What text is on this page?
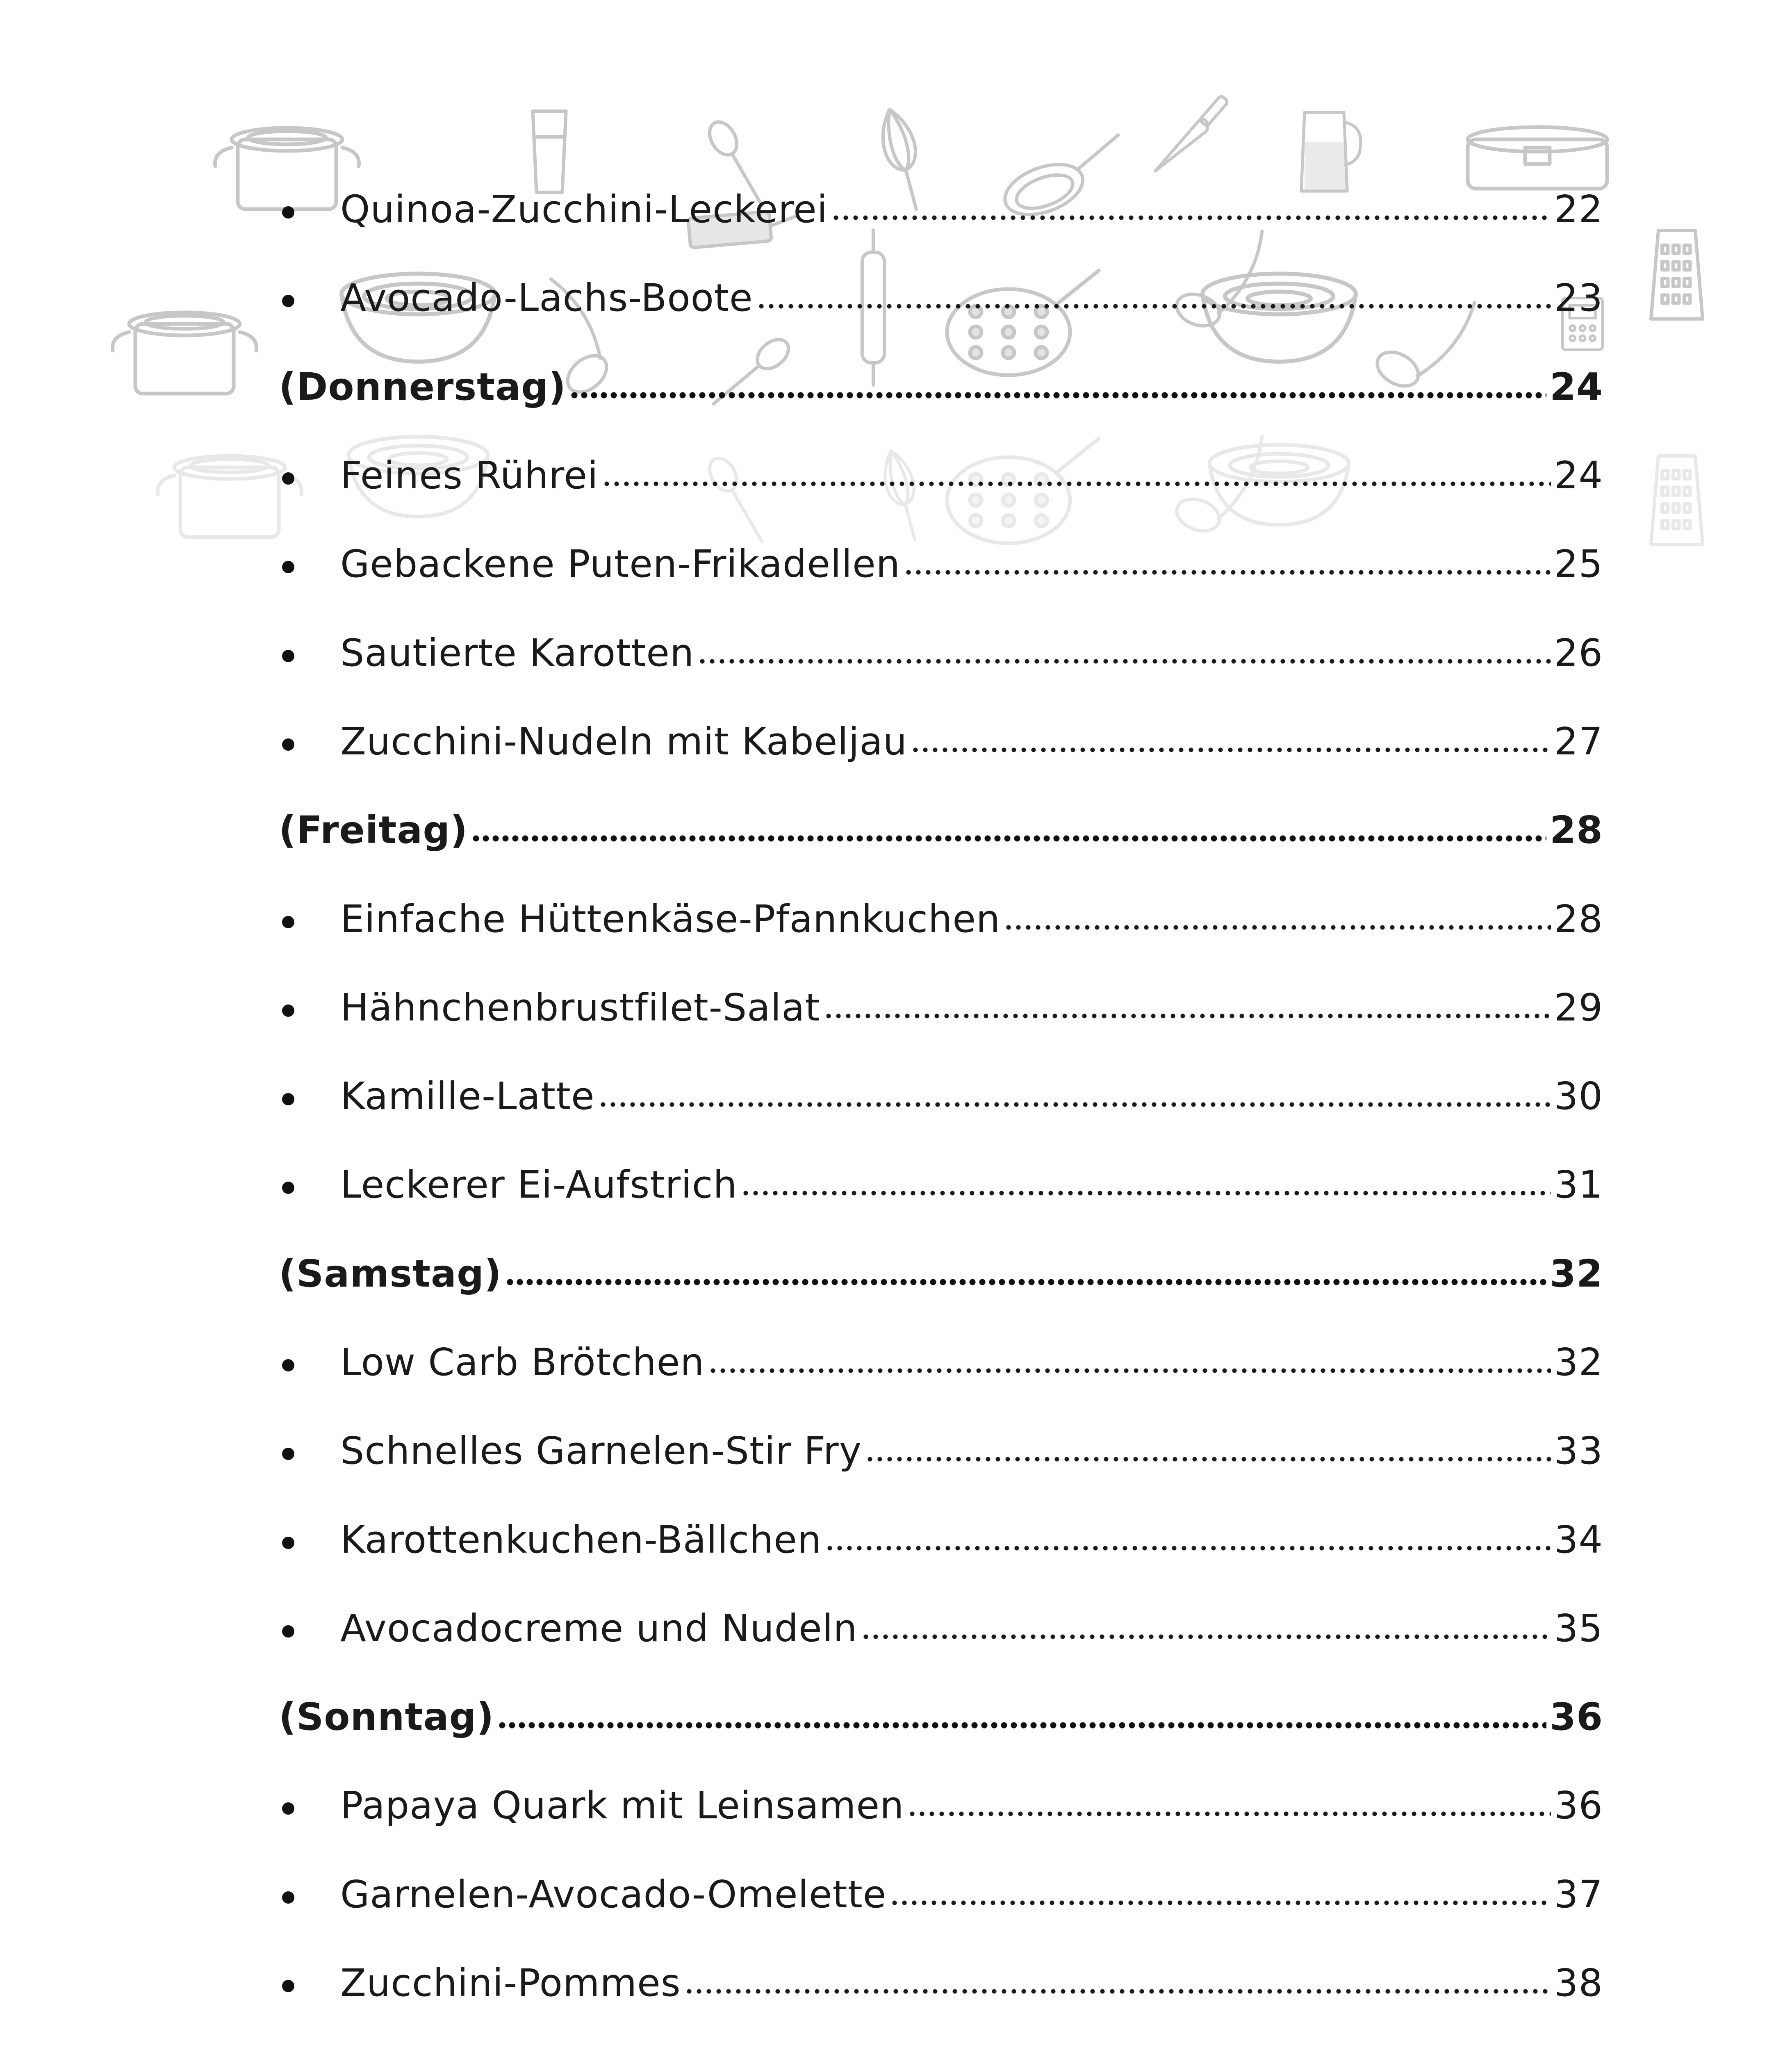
Quinoa-Zucchini-Leckerei	22
Avocado-Lachs-Boote	23
(Donnerstag)	24
Feines Rührei	24
Gebackene Puten-Frikadellen	25
Sautierte Karotten	26
Zucchini-Nudeln mit Kabeljau	27
(Freitag)	28
Einfache Hüttenkäse-Pfannkuchen	28
Hähnchenbrustfilet-Salat	29
Kamille-Latte	30
Leckerer Ei-Aufstrich	31
(Samstag)	32
Low Carb Brötchen	32
Schnelles Garnelen-Stir Fry	33
Karottenkuchen-Bällchen	34
Avocadocreme und Nudeln	35
(Sonntag)	36
Papaya Quark mit Leinsamen	36
Garnelen-Avocado-Omelette	37
Zucchini-Pommes	38
